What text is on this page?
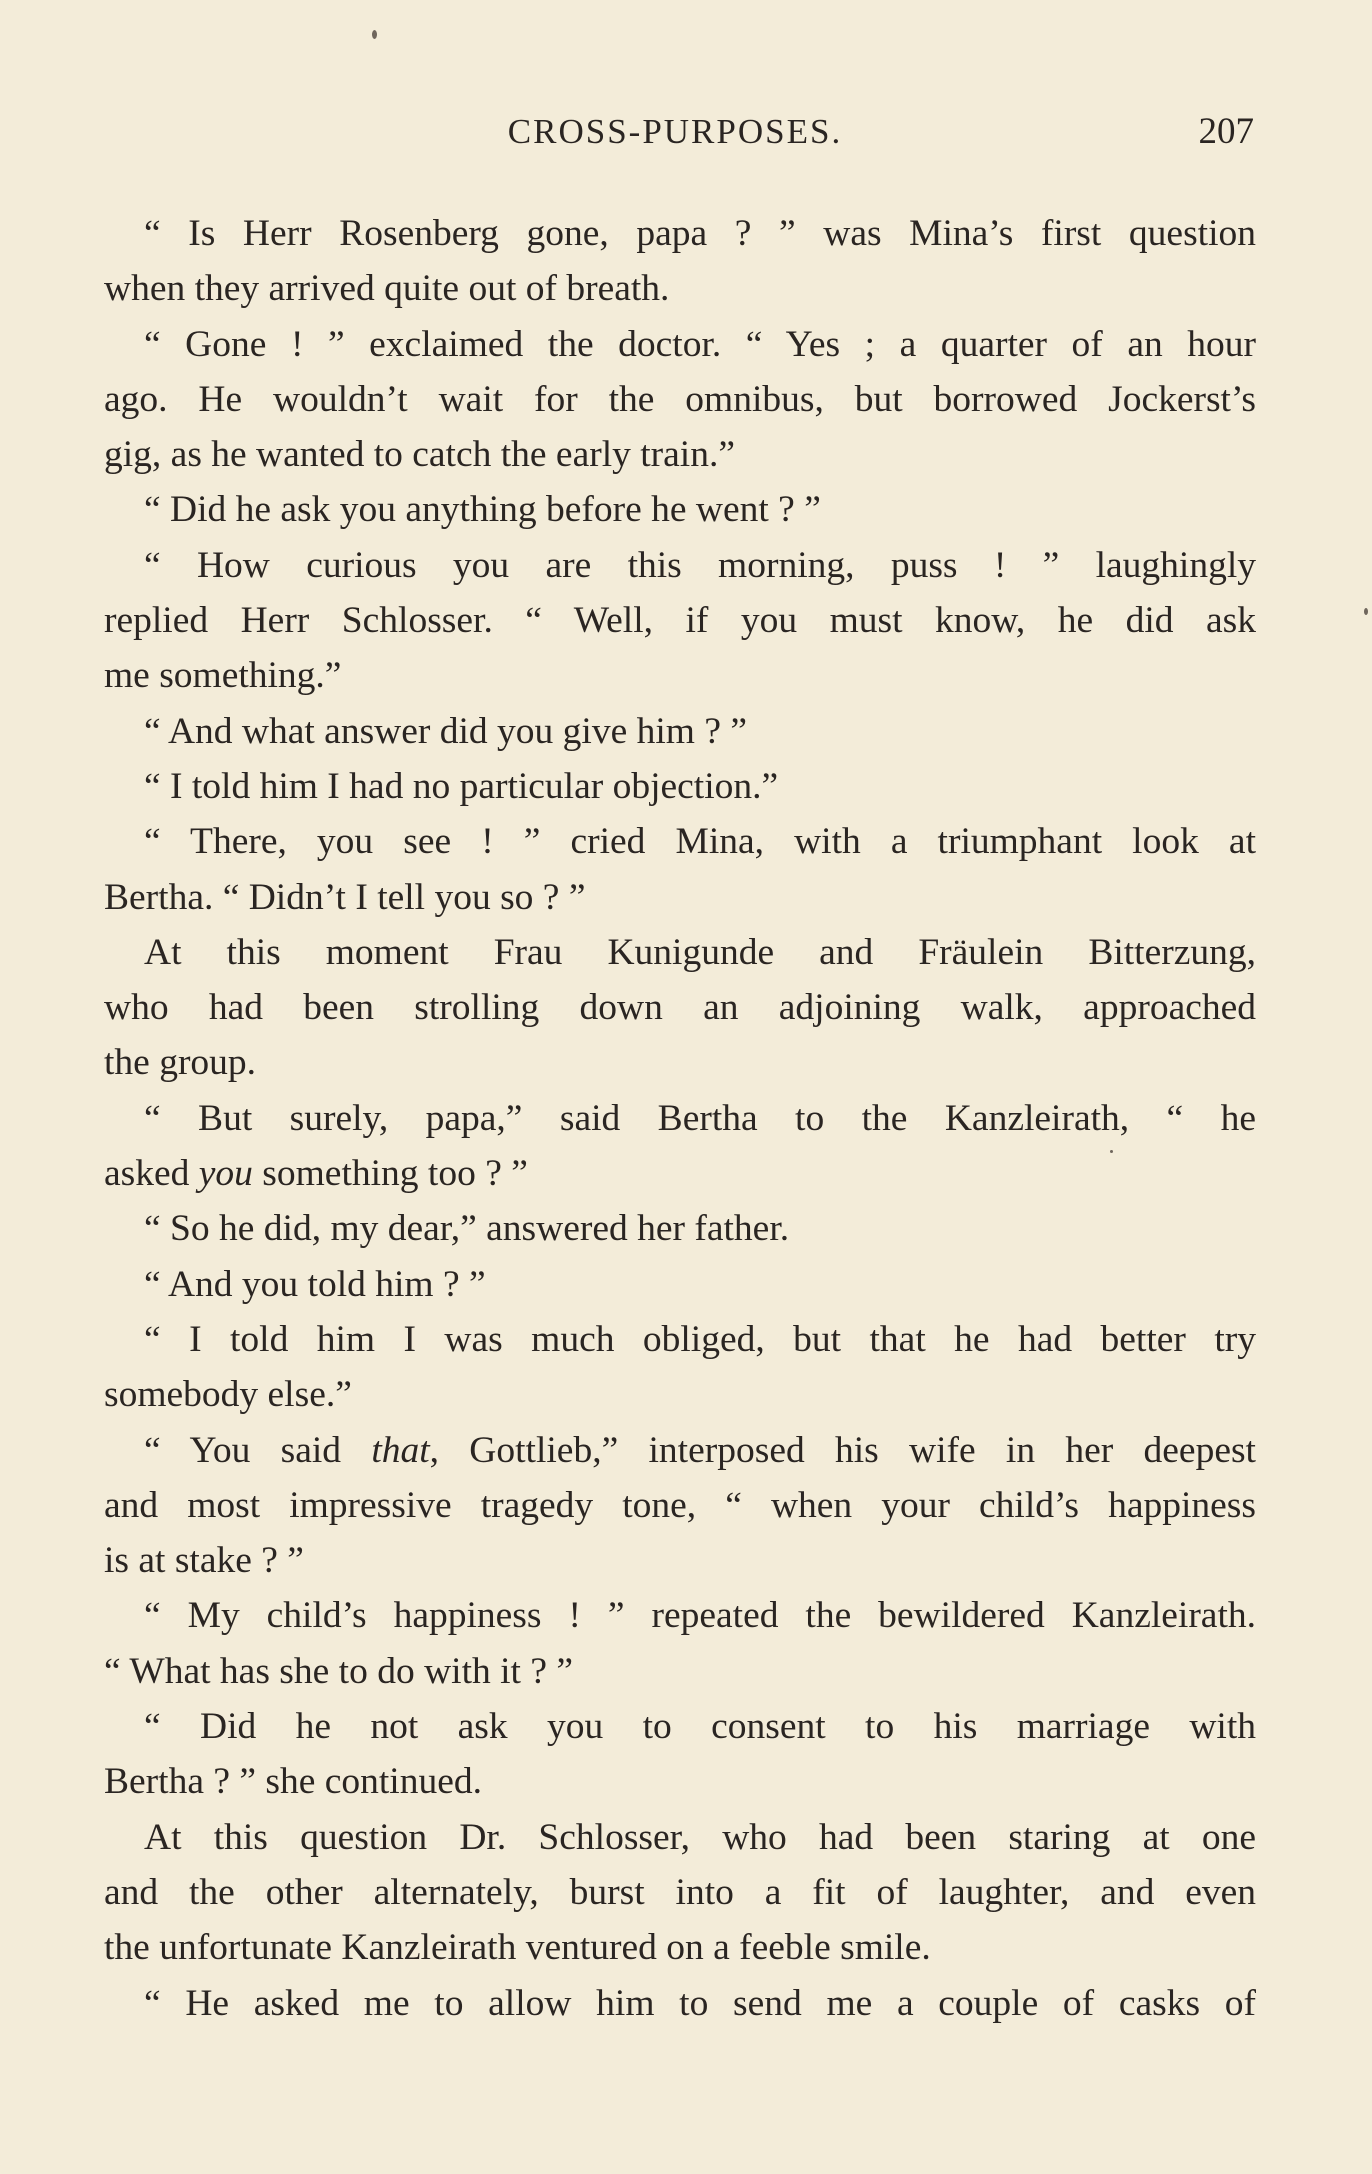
CROSS-PURPOSES.	207
“ Is Herr Rosenberg gone, papa ? ” was Mina’s first question
when they arrived quite out of breath.
“ Gone ! ” exclaimed the doctor. “ Yes ; a quarter of an hour
ago. He wouldn’t wait for the omnibus, but borrowed Jockerst’s
gig, as he wanted to catch the early train.”
“ Did he ask you anything before he went ? ”
“ How curious you are this morning, puss ! ” laughingly
replied Herr Schlosser. “ Well, if you must know, he did ask
me something.”
“ And what answer did you give him ? ”
“ I told him I had no particular objection.”
“ There, you see ! ” cried Mina, with a triumphant look at
Bertha. “ Didn’t I tell you so ? ”
At this moment Frau Kunigunde and Fräulein Bitterzung,
who had been strolling down an adjoining walk, approached
the group.
“ But surely, papa,” said Bertha to the Kanzleirath, “ he
asked you something too ? ”
“ So he did, my dear,” answered her father.
“ And you told him ? ”
“ I told him I was much obliged, but that he had better try
somebody else.”
“ You said that, Gottlieb,” interposed his wife in her deepest
and most impressive tragedy tone, “ when your child’s happiness
is at stake ? ”
“ My child’s happiness ! ” repeated the bewildered Kanzleirath.
“ What has she to do with it ? ”
“ Did he not ask you to consent to his marriage with
Bertha ? ” she continued.
At this question Dr. Schlosser, who had been staring at one
and the other alternately, burst into a fit of laughter, and even
the unfortunate Kanzleirath ventured on a feeble smile.
“ He asked me to allow him to send me a couple of casks of
